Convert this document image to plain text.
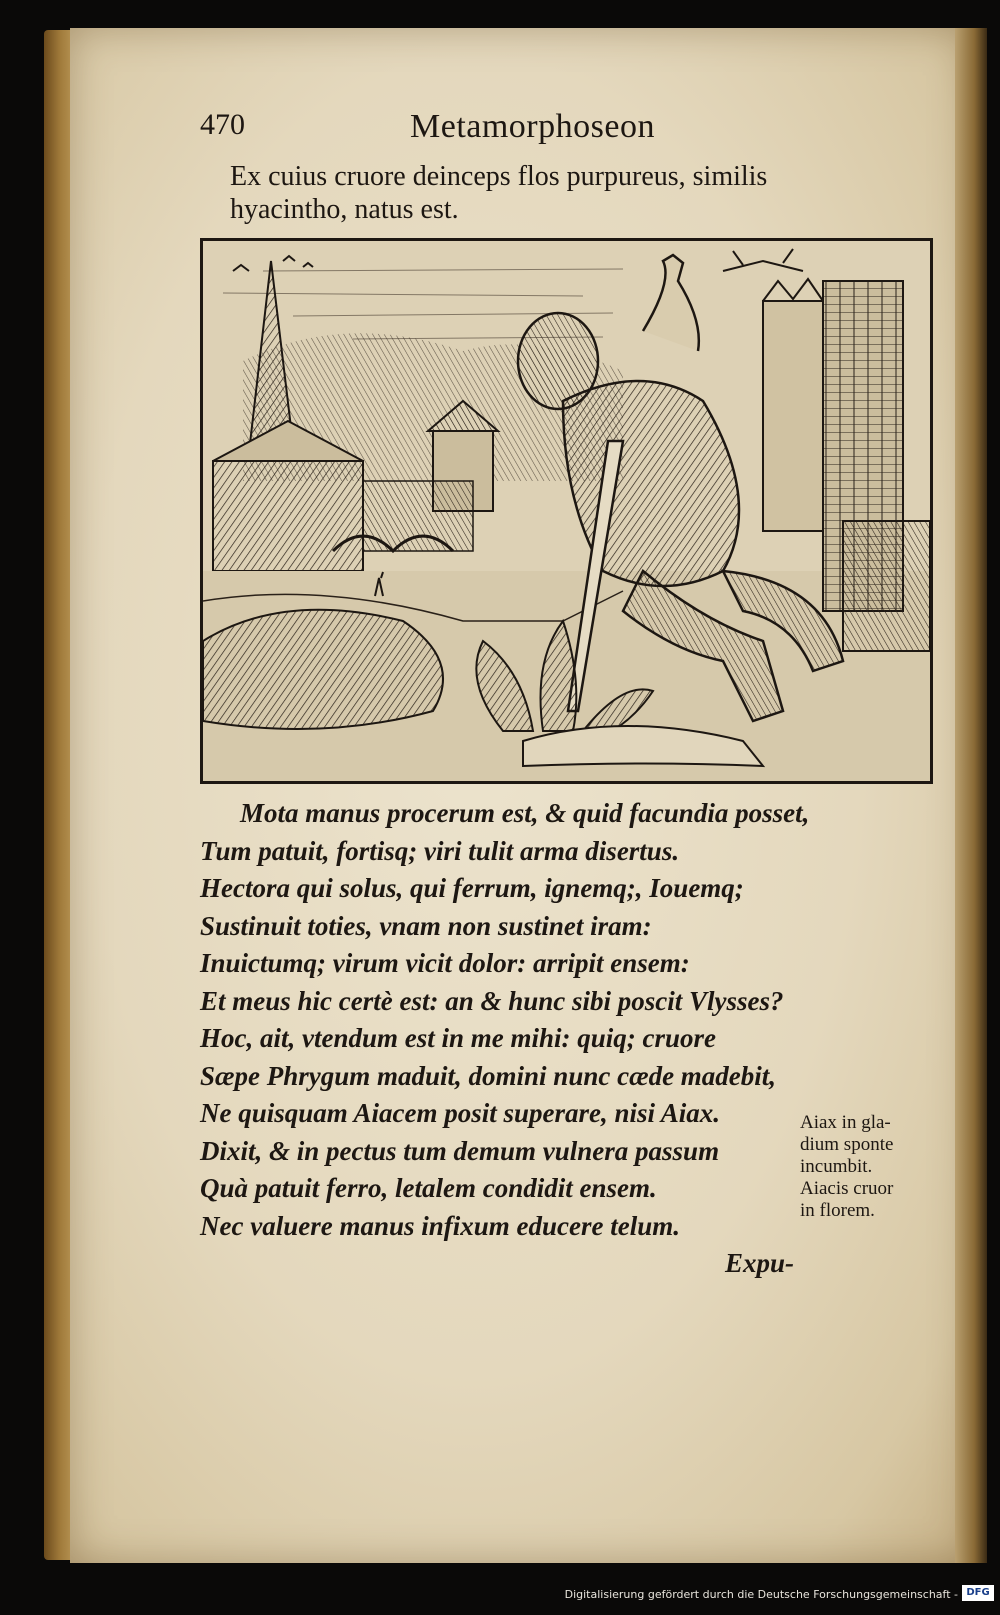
470	Metamorphoseon
Ex cuius cruore deinceps flos purpureus, similis
hyacintho, natus est.
Mota manus procerum est, & quid facundia posset,
Tum patuit, fortisq; viri tulit arma disertus.
Hectora qui solus, qui ferrum, ignemq;, Iouemq;
Sustinuit toties, vnam non sustinet iram:
Inuictumq; virum vicit dolor: arripit ensem:
Et meus hic certè est: an & hunc sibi poscit Vlysses?
Hoc, ait, vtendum est in me mihi: quiq; cruore
Sæpe Phrygum maduit, domini nunc cæde madebit,
Ne quisquam Aiacem posit superare, nisi Aiax.
Dixit, & in pectus tum demum vulnera passum
Quà patuit ferro, letalem condidit ensem.
Nec valuere manus infixum educere telum.
Aiax in gla-
dium sponte
incumbit.
Aiacis cruor
in florem.
Expu-
Digitalisierung gefördert durch die Deutsche Forschungsgemeinschaft - DFG
